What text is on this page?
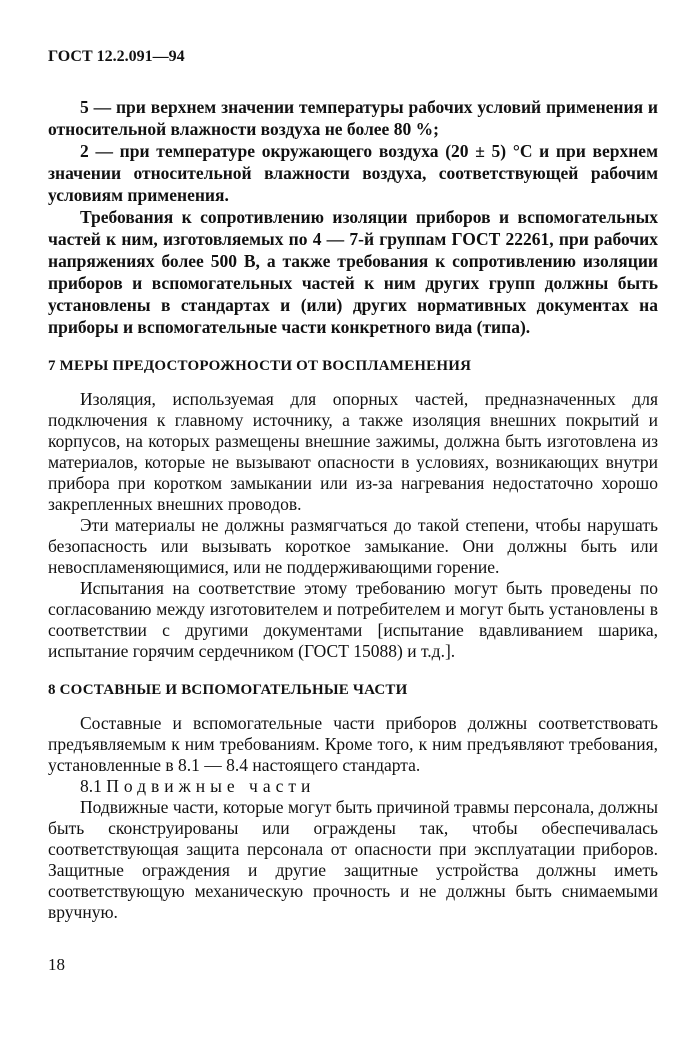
ГОСТ 12.2.091—94

5 — при верхнем значении температуры рабочих условий применения и относительной влажности воздуха не более 80 %;

2 — при температуре окружающего воздуха (20 ± 5) °С и при верхнем значении относительной влажности воздуха, соответствующей рабочим условиям применения.

Требования к сопротивлению изоляции приборов и вспомогательных частей к ним, изготовляемых по 4 — 7-й группам ГОСТ 22261, при рабочих напряжениях более 500 В, а также требования к сопротивлению изоляции приборов и вспомогательных частей к ним других групп должны быть установлены в стандартах и (или) других нормативных документах на приборы и вспомогательные части конкретного вида (типа).

7 МЕРЫ ПРЕДОСТОРОЖНОСТИ ОТ ВОСПЛАМЕНЕНИЯ

Изоляция, используемая для опорных частей, предназначенных для подключения к главному источнику, а также изоляция внешних покрытий и корпусов, на которых размещены внешние зажимы, должна быть изготовлена из материалов, которые не вызывают опасности в условиях, возникающих внутри прибора при коротком замыкании или из-за нагревания недостаточно хорошо закрепленных внешних проводов.

Эти материалы не должны размягчаться до такой степени, чтобы нарушать безопасность или вызывать короткое замыкание. Они должны быть или невоспламеняющимися, или не поддерживающими горение.

Испытания на соответствие этому требованию могут быть проведены по согласованию между изготовителем и потребителем и могут быть установлены в соответствии с другими документами [испытание вдавливанием шарика, испытание горячим сердечником (ГОСТ 15088) и т.д.].

8 СОСТАВНЫЕ И ВСПОМОГАТЕЛЬНЫЕ ЧАСТИ

Составные и вспомогательные части приборов должны соответствовать предъявляемым к ним требованиям. Кроме того, к ним предъявляют требования, установленные в 8.1 — 8.4 настоящего стандарта.

8.1 Подвижные части

Подвижные части, которые могут быть причиной травмы персонала, должны быть сконструированы или ограждены так, чтобы обеспечивалась соответствующая защита персонала от опасности при эксплуатации приборов. Защитные ограждения и другие защитные устройства должны иметь соответствующую механическую прочность и не должны быть снимаемыми вручную.

18
